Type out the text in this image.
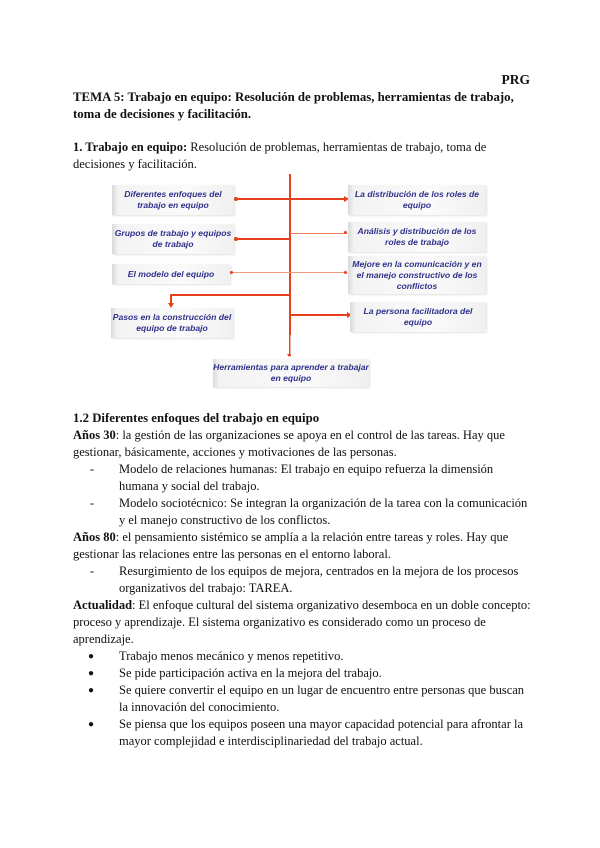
PRG
TEMA 5: Trabajo en equipo: Resolución de problemas, herramientas de trabajo, toma de decisiones y facilitación.
1. Trabajo en equipo: Resolución de problemas, herramientas de trabajo, toma de decisiones y facilitación.
Diferentes enfoques del trabajo en equipo
Grupos de trabajo y equipos de trabajo
El modelo del equipo
Pasos en la construcción del equipo de trabajo
La distribución de los roles de equipo
Análisis y distribución de los roles de trabajo
Mejore en la comunicación y en el manejo constructivo de los conflictos
La persona facilitadora del equipo
Herramientas para aprender a trabajar en equipo
1.2 Diferentes enfoques del trabajo en equipo

Años 30: la gestión de las organizaciones se apoya en el control de las tareas. Hay que gestionar, básicamente, acciones y motivaciones de las personas.

- Modelo de relaciones humanas: El trabajo en equipo refuerza la dimensión humana y social del trabajo.
- Modelo sociotécnico: Se integran la organización de la tarea con la comunicación y el manejo constructivo de los conflictos.

Años 80: el pensamiento sistémico se amplía a la relación entre tareas y roles. Hay que gestionar las relaciones entre las personas en el entorno laboral.

- Resurgimiento de los equipos de mejora, centrados en la mejora de los procesos organizativos del trabajo: TAREA.

Actualidad: El enfoque cultural del sistema organizativo desemboca en un doble concepto: proceso y aprendizaje. El sistema organizativo es considerado como un proceso de aprendizaje.

● Trabajo menos mecánico y menos repetitivo.
● Se pide participación activa en la mejora del trabajo.
● Se quiere convertir el equipo en un lugar de encuentro entre personas que buscan la innovación del conocimiento.
● Se piensa que los equipos poseen una mayor capacidad potencial para afrontar la mayor complejidad e interdisciplinariedad del trabajo actual.
